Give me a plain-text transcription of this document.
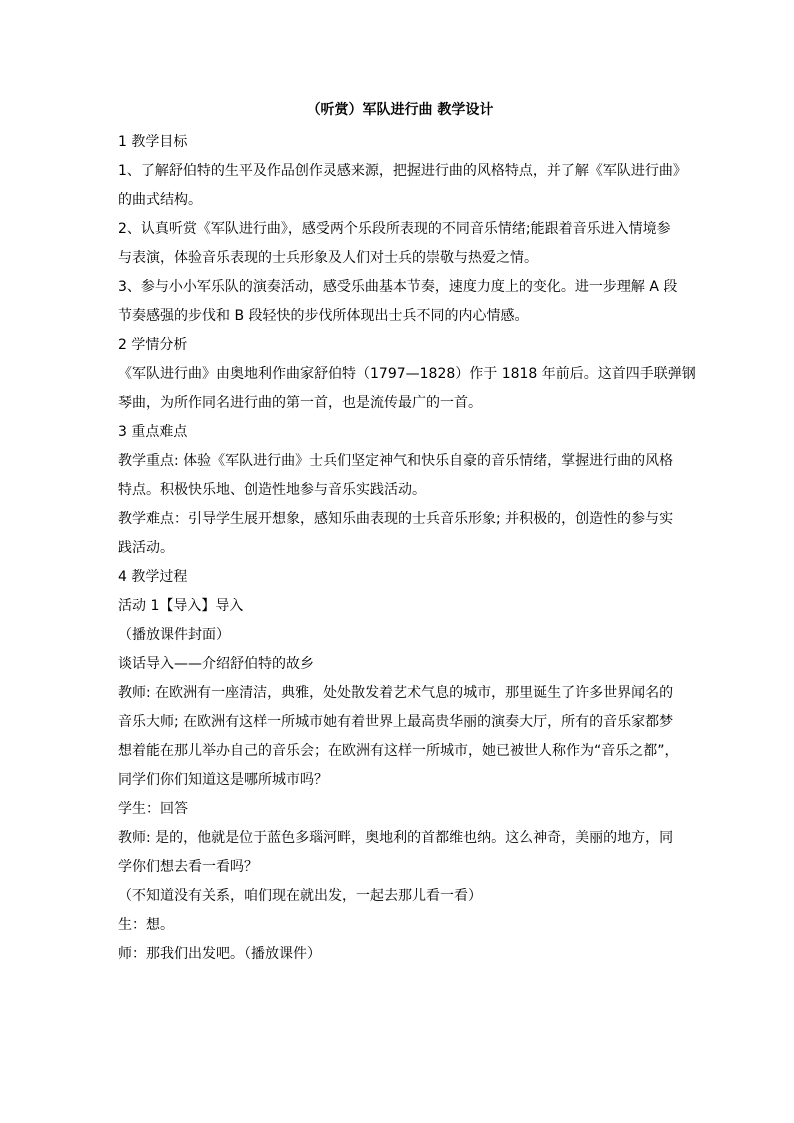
（听赏）军队进行曲 教学设计
1 教学目标
1、了解舒伯特的生平及作品创作灵感来源，把握进行曲的风格特点，并了解《军队进行曲》
的曲式结构。
2、认真听赏《军队进行曲》，感受两个乐段所表现的不同音乐情绪;能跟着音乐进入情境参
与表演，体验音乐表现的士兵形象及人们对士兵的崇敬与热爱之情。
3、参与小小军乐队的演奏活动，感受乐曲基本节奏，速度力度上的变化。进一步理解 A 段
节奏感强的步伐和 B 段轻快的步伐所体现出士兵不同的内心情感。
2 学情分析
《军队进行曲》由奥地利作曲家舒伯特（1797—1828）作于 1818 年前后。这首四手联弹钢
琴曲，为所作同名进行曲的第一首，也是流传最广的一首。
3 重点难点
教学重点: 体验《军队进行曲》士兵们坚定神气和快乐自豪的音乐情绪，掌握进行曲的风格
特点。积极快乐地、创造性地参与音乐实践活动。
教学难点：引导学生展开想象，感知乐曲表现的士兵音乐形象; 并积极的，创造性的参与实
践活动。
4 教学过程
活动 1【导入】导入
（播放课件封面）
谈话导入——介绍舒伯特的故乡
教师: 在欧洲有一座清洁，典雅，处处散发着艺术气息的城市，那里诞生了许多世界闻名的
音乐大师; 在欧洲有这样一所城市她有着世界上最高贵华丽的演奏大厅，所有的音乐家都梦
想着能在那儿举办自己的音乐会；在欧洲有这样一所城市，她已被世人称作为“音乐之都”，
同学们你们知道这是哪所城市吗？
学生：回答
教师: 是的，他就是位于蓝色多瑙河畔，奥地利的首都维也纳。这么神奇，美丽的地方，同
学你们想去看一看吗？
（不知道没有关系，咱们现在就出发，一起去那儿看一看）
生：想。
师：那我们出发吧。（播放课件）
